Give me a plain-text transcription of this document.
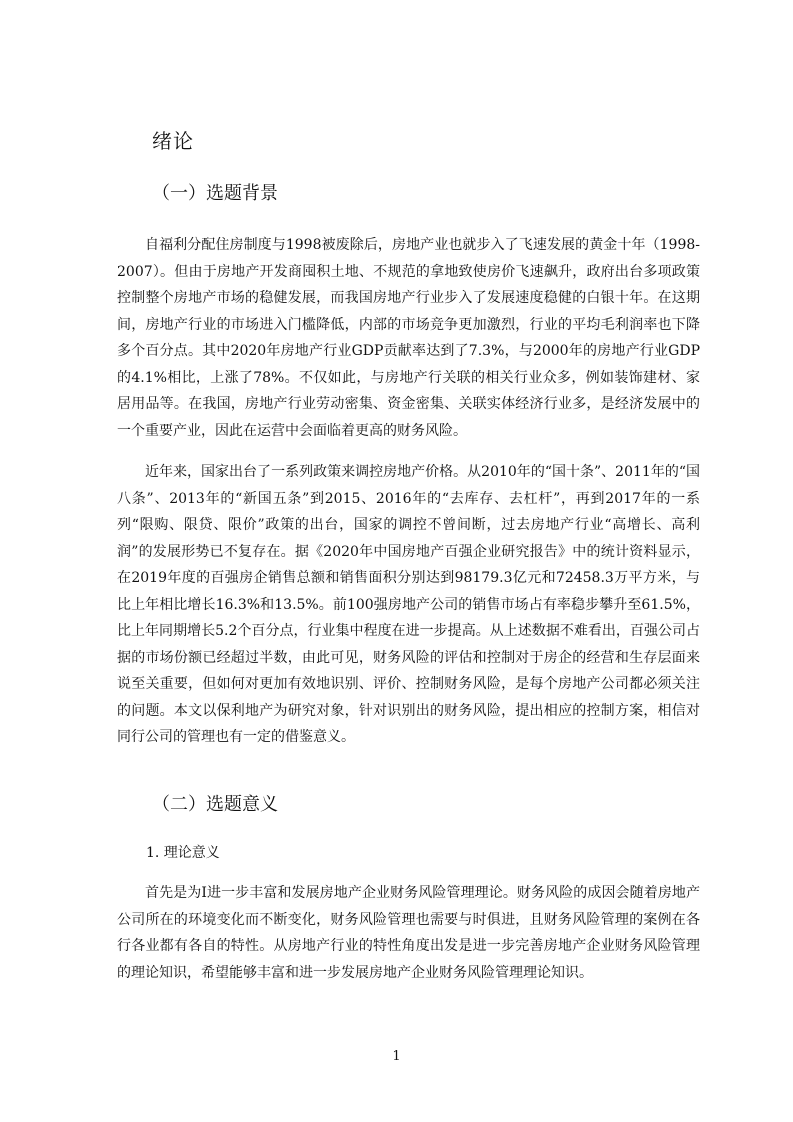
绪论
（一）选题背景

自福利分配住房制度与1998被废除后，房地产业也就步入了飞速发展的黄金十年（1998-2007）。但由于房地产开发商囤积土地、不规范的拿地致使房价飞速飙升，政府出台多项政策控制整个房地产市场的稳健发展，而我国房地产行业步入了发展速度稳健的白银十年。在这期间，房地产行业的市场进入门槛降低，内部的市场竞争更加激烈，行业的平均毛利润率也下降多个百分点。其中2020年房地产行业GDP贡献率达到了7.3%，与2000年的房地产行业GDP的4.1%相比，上涨了78%。不仅如此，与房地产行关联的相关行业众多，例如装饰建材、家居用品等。在我国，房地产行业劳动密集、资金密集、关联实体经济行业多，是经济发展中的一个重要产业，因此在运营中会面临着更高的财务风险。

近年来，国家出台了一系列政策来调控房地产价格。从2010年的“国十条”、2011年的“国八条”、2013年的“新国五条”到2015、2016年的“去库存、去杠杆”，再到2017年的一系列“限购、限贷、限价”政策的出台，国家的调控不曾间断，过去房地产行业“高增长、高利润”的发展形势已不复存在。据《2020年中国房地产百强企业研究报告》中的统计资料显示，在2019年度的百强房企销售总额和销售面积分别达到98179.3亿元和72458.3万平方米，与比上年相比增长16.3%和13.5%。前100强房地产公司的销售市场占有率稳步攀升至61.5%，比上年同期增长5.2个百分点，行业集中程度在进一步提高。从上述数据不难看出，百强公司占据的市场份额已经超过半数，由此可见，财务风险的评估和控制对于房企的经营和生存层面来说至关重要，但如何对更加有效地识别、评价、控制财务风险，是每个房地产公司都必须关注的问题。本文以保利地产为研究对象，针对识别出的财务风险，提出相应的控制方案，相信对同行公司的管理也有一定的借鉴意义。

（二）选题意义
1. 理论意义

首先是为I进一步丰富和发展房地产企业财务风险管理理论。财务风险的成因会随着房地产公司所在的环境变化而不断变化，财务风险管理也需要与时俱进，且财务风险管理的案例在各行各业都有各自的特性。从房地产行业的特性角度出发是进一步完善房地产企业财务风险管理的理论知识，希望能够丰富和进一步发展房地产企业财务风险管理理论知识。

1
